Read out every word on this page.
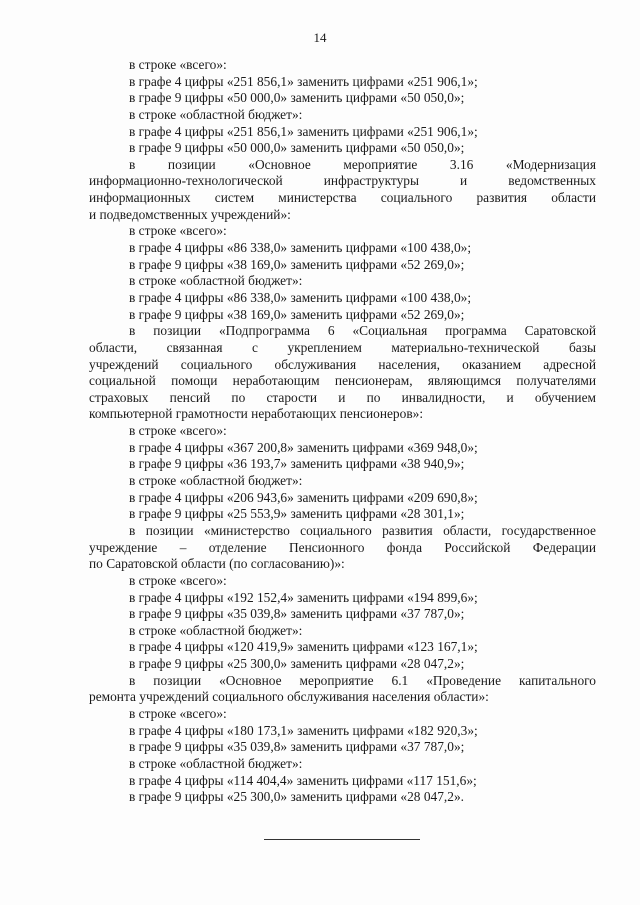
14
в строке «всего»:
в графе 4 цифры «251 856,1» заменить цифрами «251 906,1»;
в графе 9 цифры «50 000,0» заменить цифрами «50 050,0»;
в строке «областной бюджет»:
в графе 4 цифры «251 856,1» заменить цифрами «251 906,1»;
в графе 9 цифры «50 000,0» заменить цифрами «50 050,0»;
в позиции «Основное мероприятие 3.16 «Модернизация
информационно-технологической инфраструктуры и ведомственных
информационных систем министерства социального развития области
и подведомственных учреждений»:
в строке «всего»:
в графе 4 цифры «86 338,0» заменить цифрами «100 438,0»;
в графе 9 цифры «38 169,0» заменить цифрами «52 269,0»;
в строке «областной бюджет»:
в графе 4 цифры «86 338,0» заменить цифрами «100 438,0»;
в графе 9 цифры «38 169,0» заменить цифрами «52 269,0»;
в позиции «Подпрограмма 6 «Социальная программа Саратовской
области, связанная с укреплением материально-технической базы
учреждений социального обслуживания населения, оказанием адресной
социальной помощи неработающим пенсионерам, являющимся получателями
страховых пенсий по старости и по инвалидности, и обучением
компьютерной грамотности неработающих пенсионеров»:
в строке «всего»:
в графе 4 цифры «367 200,8» заменить цифрами «369 948,0»;
в графе 9 цифры «36 193,7» заменить цифрами «38 940,9»;
в строке «областной бюджет»:
в графе 4 цифры «206 943,6» заменить цифрами «209 690,8»;
в графе 9 цифры «25 553,9» заменить цифрами «28 301,1»;
в позиции «министерство социального развития области, государственное
учреждение – отделение Пенсионного фонда Российской Федерации
по Саратовской области (по согласованию)»:
в строке «всего»:
в графе 4 цифры «192 152,4» заменить цифрами «194 899,6»;
в графе 9 цифры «35 039,8» заменить цифрами «37 787,0»;
в строке «областной бюджет»:
в графе 4 цифры «120 419,9» заменить цифрами «123 167,1»;
в графе 9 цифры «25 300,0» заменить цифрами «28 047,2»;
в позиции «Основное мероприятие 6.1 «Проведение капитального
ремонта учреждений социального обслуживания населения области»:
в строке «всего»:
в графе 4 цифры «180 173,1» заменить цифрами «182 920,3»;
в графе 9 цифры «35 039,8» заменить цифрами «37 787,0»;
в строке «областной бюджет»:
в графе 4 цифры «114 404,4» заменить цифрами «117 151,6»;
в графе 9 цифры «25 300,0» заменить цифрами «28 047,2».
